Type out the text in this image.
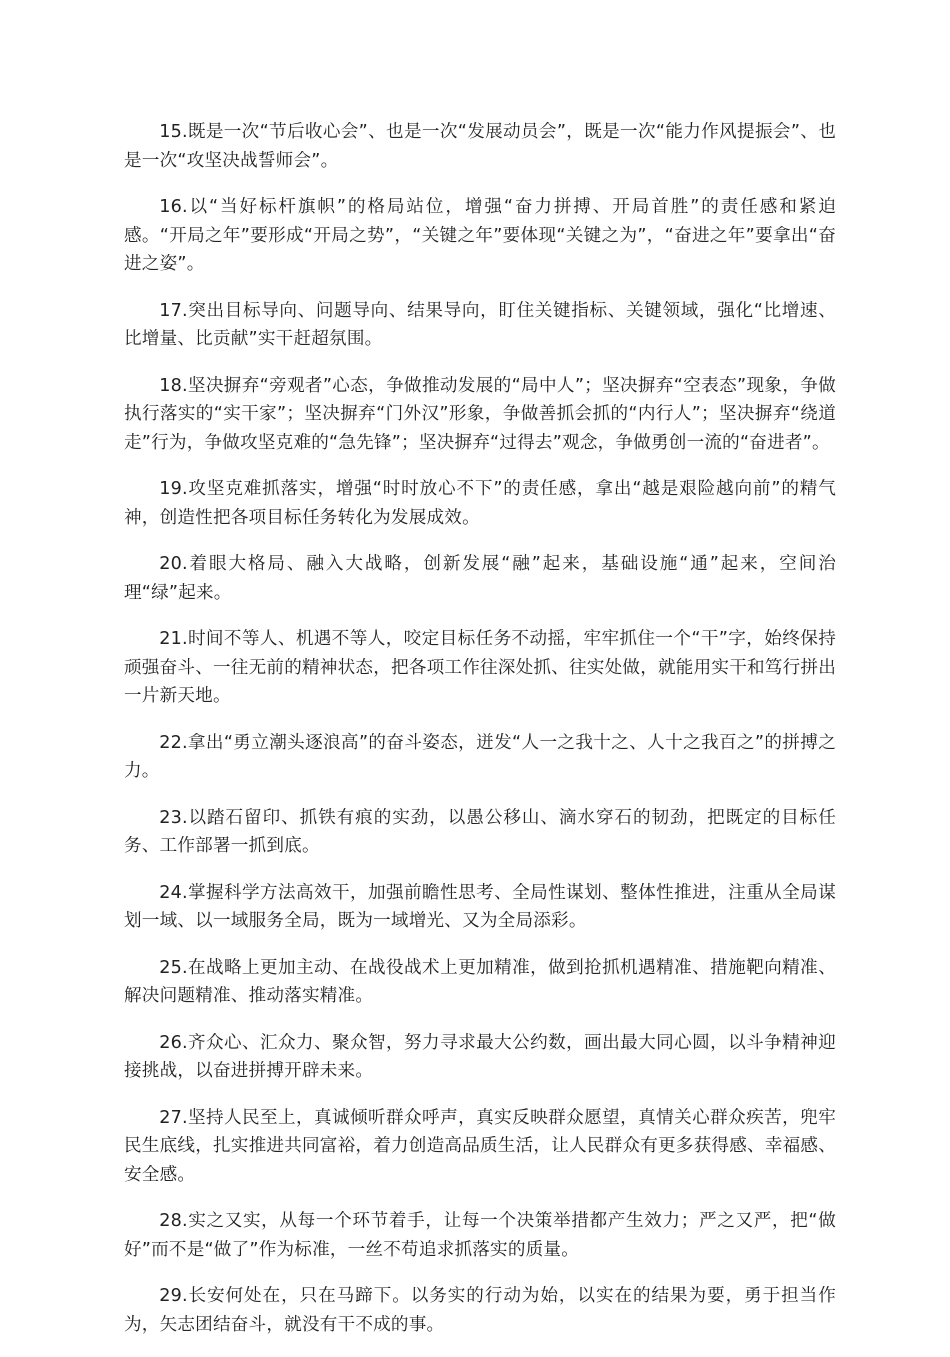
15.既是一次“节后收心会”、也是一次“发展动员会”，既是一次“能力作风提振会”、也是一次“攻坚决战誓师会”。

16.以“当好标杆旗帜”的格局站位，增强“奋力拼搏、开局首胜”的责任感和紧迫感。“开局之年”要形成“开局之势”，“关键之年”要体现“关键之为”，“奋进之年”要拿出“奋进之姿”。

17.突出目标导向、问题导向、结果导向，盯住关键指标、关键领域，强化“比增速、比增量、比贡献”实干赶超氛围。

18.坚决摒弃“旁观者”心态，争做推动发展的“局中人”；坚决摒弃“空表态”现象，争做执行落实的“实干家”；坚决摒弃“门外汉”形象，争做善抓会抓的“内行人”；坚决摒弃“绕道走”行为，争做攻坚克难的“急先锋”；坚决摒弃“过得去”观念，争做勇创一流的“奋进者”。

19.攻坚克难抓落实，增强“时时放心不下”的责任感，拿出“越是艰险越向前”的精气神，创造性把各项目标任务转化为发展成效。

20.着眼大格局、融入大战略，创新发展“融”起来，基础设施“通”起来，空间治理“绿”起来。

21.时间不等人、机遇不等人，咬定目标任务不动摇，牢牢抓住一个“干”字，始终保持顽强奋斗、一往无前的精神状态，把各项工作往深处抓、往实处做，就能用实干和笃行拼出一片新天地。

22.拿出“勇立潮头逐浪高”的奋斗姿态，迸发“人一之我十之、人十之我百之”的拼搏之力。

23.以踏石留印、抓铁有痕的实劲，以愚公移山、滴水穿石的韧劲，把既定的目标任务、工作部署一抓到底。

24.掌握科学方法高效干，加强前瞻性思考、全局性谋划、整体性推进，注重从全局谋划一域、以一域服务全局，既为一域增光、又为全局添彩。

25.在战略上更加主动、在战役战术上更加精准，做到抢抓机遇精准、措施靶向精准、解决问题精准、推动落实精准。

26.齐众心、汇众力、聚众智，努力寻求最大公约数，画出最大同心圆，以斗争精神迎接挑战，以奋进拼搏开辟未来。

27.坚持人民至上，真诚倾听群众呼声，真实反映群众愿望，真情关心群众疾苦，兜牢民生底线，扎实推进共同富裕，着力创造高品质生活，让人民群众有更多获得感、幸福感、安全感。

28.实之又实，从每一个环节着手，让每一个决策举措都产生效力；严之又严，把“做好”而不是“做了”作为标准，一丝不苟追求抓落实的质量。

29.长安何处在，只在马蹄下。以务实的行动为始，以实在的结果为要，勇于担当作为，矢志团结奋斗，就没有干不成的事。
